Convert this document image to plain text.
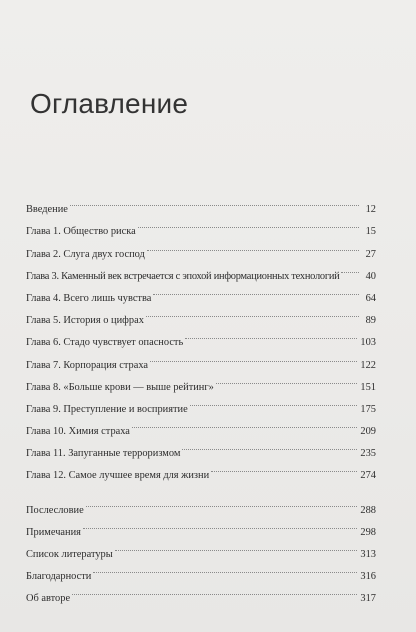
Оглавление
Введение	12
Глава 1. Общество риска	15
Глава 2. Слуга двух господ	27
Глава 3. Каменный век встречается с эпохой информационных технологий	40
Глава 4. Всего лишь чувства	64
Глава 5. История о цифрах	89
Глава 6. Стадо чувствует опасность	103
Глава 7. Корпорация страха	122
Глава 8. «Больше крови — выше рейтинг»	151
Глава 9. Преступление и восприятие	175
Глава 10. Химия страха	209
Глава 11. Запуганные терроризмом	235
Глава 12. Самое лучшее время для жизни	274
Послесловие	288
Примечания	298
Список литературы	313
Благодарности	316
Об авторе	317
